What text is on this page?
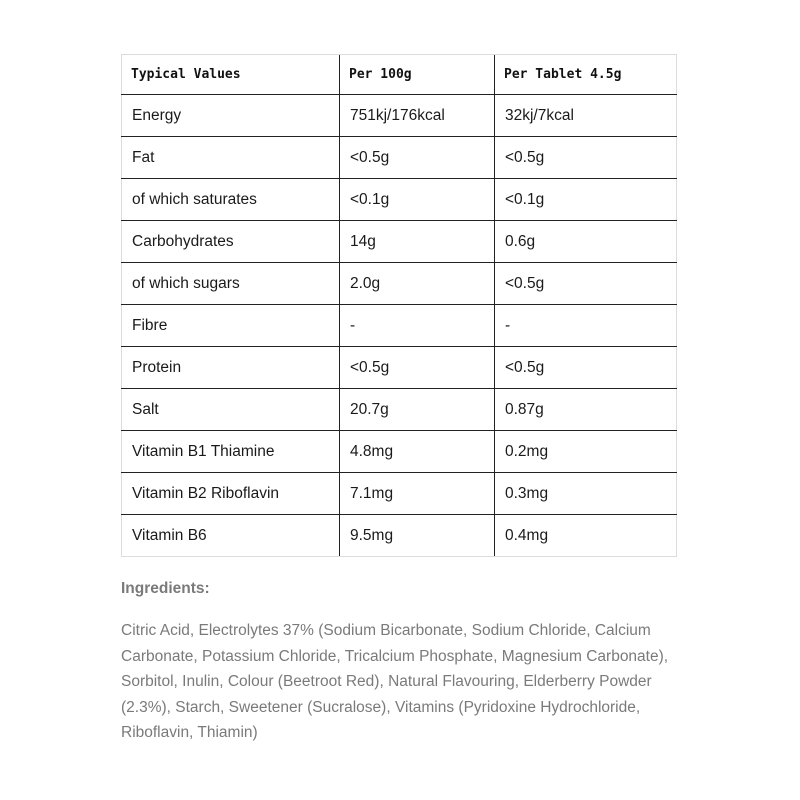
Typical Values	Per 100g	Per Tablet 4.5g
Energy	751kj/176kcal	32kj/7kcal
Fat	<0.5g	<0.5g
of which saturates	<0.1g	<0.1g
Carbohydrates	14g	0.6g
of which sugars	2.0g	<0.5g
Fibre	-	-
Protein	<0.5g	<0.5g
Salt	20.7g	0.87g
Vitamin B1 Thiamine	4.8mg	0.2mg
Vitamin B2 Riboflavin	7.1mg	0.3mg
Vitamin B6	9.5mg	0.4mg
Ingredients:
Citric Acid, Electrolytes 37% (Sodium Bicarbonate, Sodium Chloride, Calcium Carbonate, Potassium Chloride, Tricalcium Phosphate, Magnesium Carbonate), Sorbitol, Inulin, Colour (Beetroot Red), Natural Flavouring, Elderberry Powder (2.3%), Starch, Sweetener (Sucralose), Vitamins (Pyridoxine Hydrochloride, Riboflavin, Thiamin)
